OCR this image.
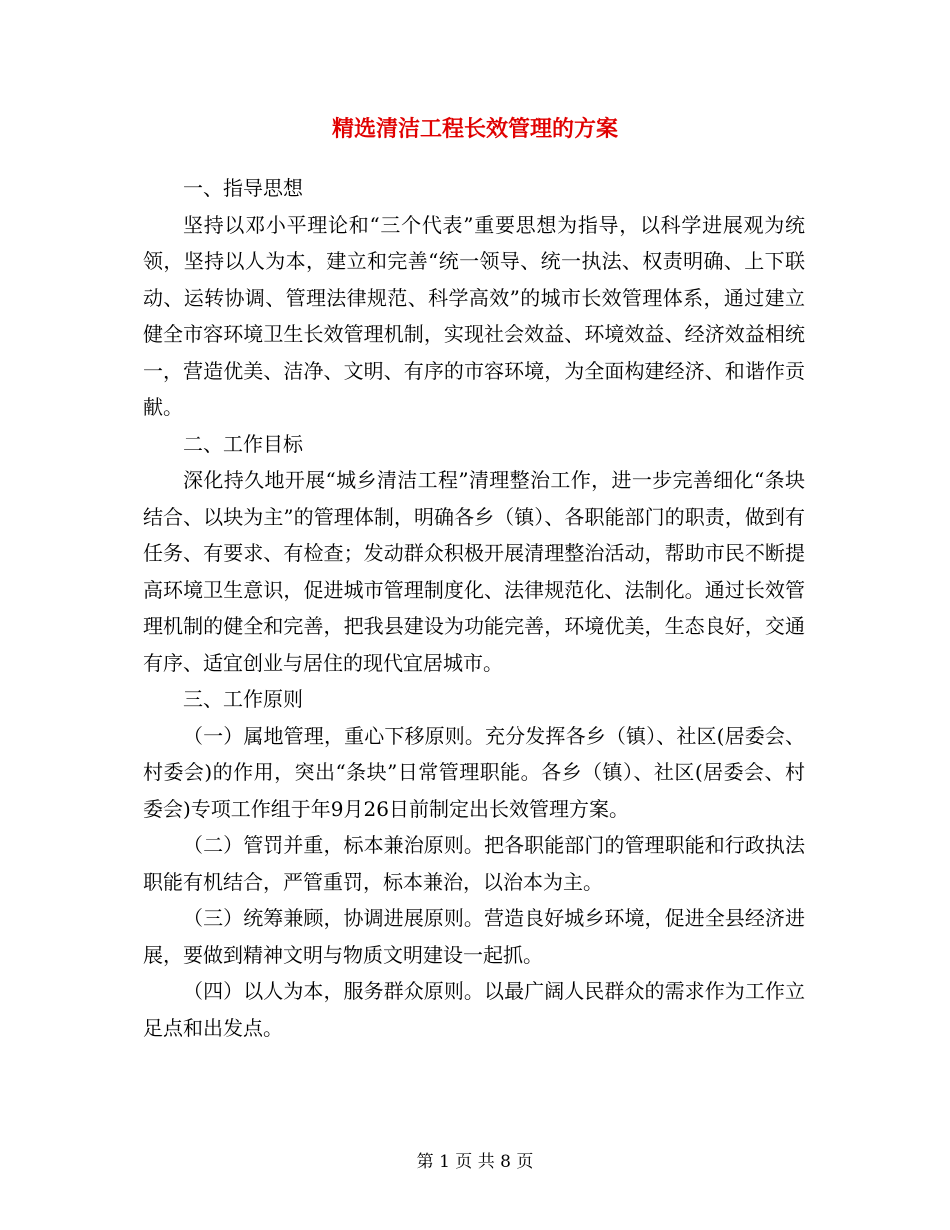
精选清洁工程长效管理的方案

一、指导思想

坚持以邓小平理论和“三个代表”重要思想为指导，以科学进展观为统领，坚持以人为本，建立和完善“统一领导、统一执法、权责明确、上下联动、运转协调、管理法律规范、科学高效”的城市长效管理体系，通过建立健全市容环境卫生长效管理机制，实现社会效益、环境效益、经济效益相统一，营造优美、洁净、文明、有序的市容环境，为全面构建经济、和谐作贡献。

二、工作目标

深化持久地开展“城乡清洁工程”清理整治工作，进一步完善细化“条块结合、以块为主”的管理体制，明确各乡（镇）、各职能部门的职责，做到有任务、有要求、有检查；发动群众积极开展清理整治活动，帮助市民不断提高环境卫生意识，促进城市管理制度化、法律规范化、法制化。通过长效管理机制的健全和完善，把我县建设为功能完善，环境优美，生态良好，交通有序、适宜创业与居住的现代宜居城市。

三、工作原则

（一）属地管理，重心下移原则。充分发挥各乡（镇）、社区(居委会、村委会)的作用，突出“条块”日常管理职能。各乡（镇）、社区(居委会、村委会)专项工作组于年9月26日前制定出长效管理方案。

（二）管罚并重，标本兼治原则。把各职能部门的管理职能和行政执法职能有机结合，严管重罚，标本兼治，以治本为主。

（三）统筹兼顾，协调进展原则。营造良好城乡环境，促进全县经济进展，要做到精神文明与物质文明建设一起抓。

（四）以人为本，服务群众原则。以最广阔人民群众的需求作为工作立足点和出发点。

第 1 页 共 8 页
